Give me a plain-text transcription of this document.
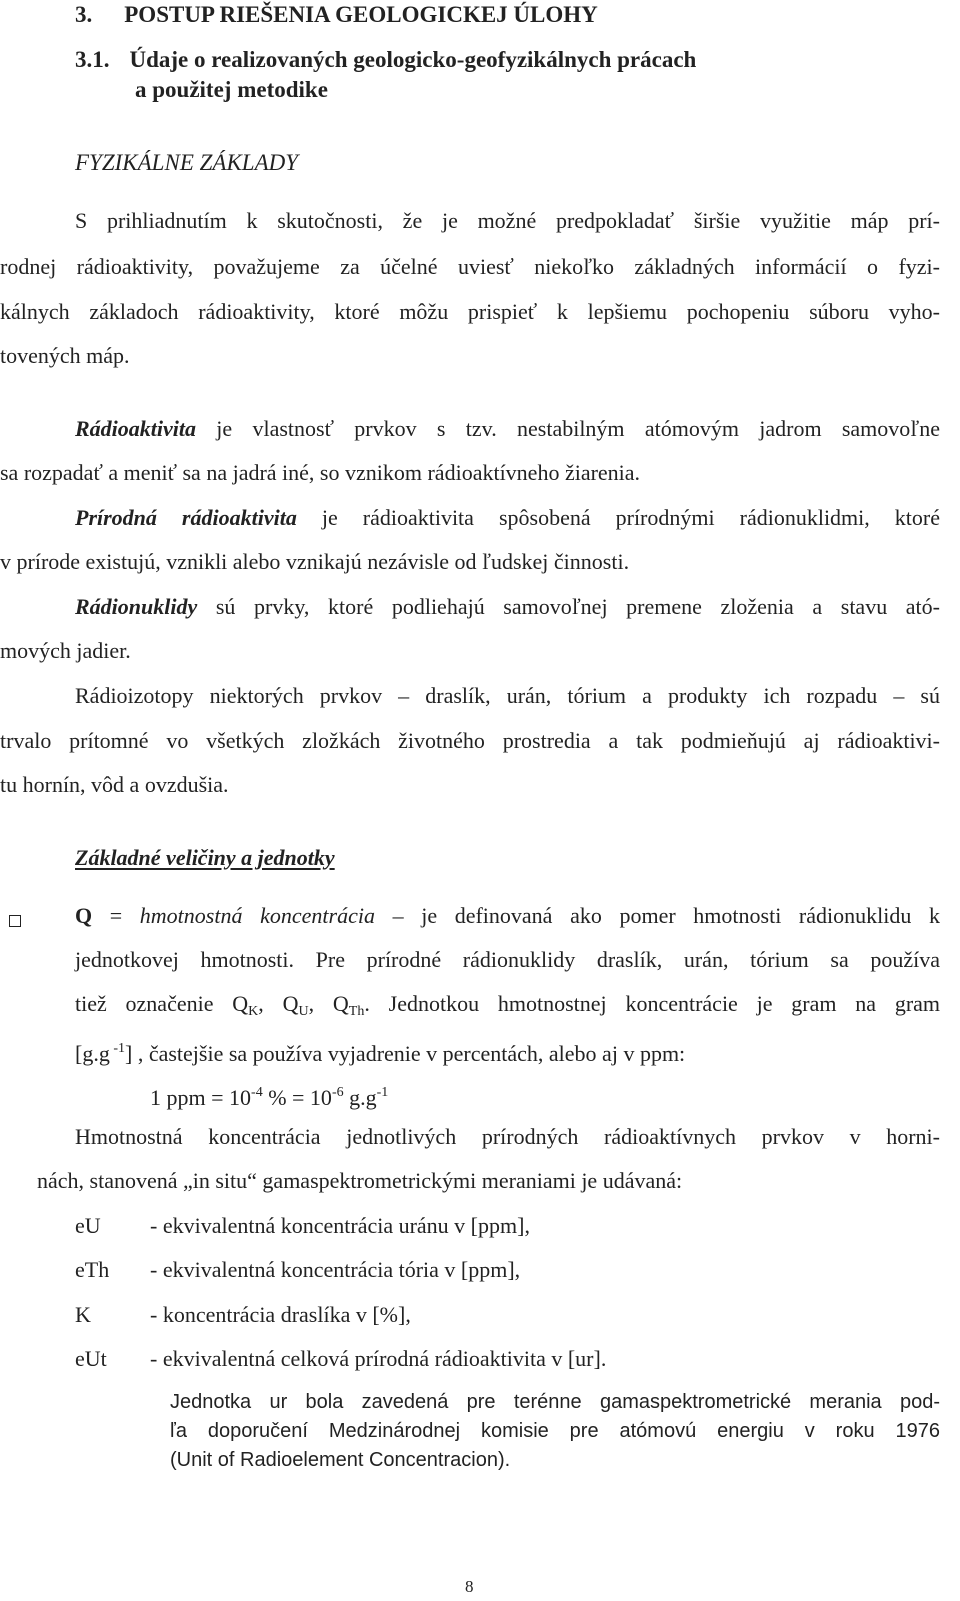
3. POSTUP RIEŠENIA GEOLOGICKEJ ÚLOHY
3.1. Údaje o realizovaných geologicko-geofyzikálnych prácach
a použitej metodike
FYZIKÁLNE ZÁKLADY
S prihliadnutím k skutočnosti, že je možné predpokladať širšie využitie máp prí-
rodnej rádioaktivity, považujeme za účelné uviesť niekoľko základných informácií o fyzi-
kálnych základoch rádioaktivity, ktoré môžu prispieť k lepšiemu pochopeniu súboru vyho-
tovených máp.
Rádioaktivita je vlastnosť prvkov s tzv. nestabilným atómovým jadrom samovoľne
sa rozpadať a meniť sa na jadrá iné, so vznikom rádioaktívneho žiarenia.
Prírodná rádioaktivita je rádioaktivita spôsobená prírodnými rádionuklidmi, ktoré
v prírode existujú, vznikli alebo vznikajú nezávisle od ľudskej činnosti.
Rádionuklidy sú prvky, ktoré podliehajú samovoľnej premene zloženia a stavu ató-
mových jadier.
Rádioizotopy niektorých prvkov – draslík, urán, tórium a produkty ich rozpadu – sú
trvalo prítomné vo všetkých zložkách životného prostredia a tak podmieňujú aj rádioaktivi-
tu hornín, vôd a ovzdušia.
Základné veličiny a jednotky
Q = hmotnostná koncentrácia – je definovaná ako pomer hmotnosti rádionuklidu k
jednotkovej hmotnosti. Pre prírodné rádionuklidy draslík, urán, tórium sa používa
tiež označenie $Q_K$, $Q_U$, $Q_{Th}$. Jednotkou hmotnostnej koncentrácie je gram na gram
[g.g $^{-1}$] , častejšie sa používa vyjadrenie v percentách, alebo aj v ppm:
1 ppm = $10^{-4}$ % = $10^{-6}$ $g.g^{-1}$
Hmotnostná koncentrácia jednotlivých prírodných rádioaktívnych prvkov v horni-
nách, stanovená „in situ“ gamaspektrometrickými meraniami je udávaná:
eU - ekvivalentná koncentrácia uránu v [ppm],
eTh - ekvivalentná koncentrácia tória v [ppm],
K	- koncentrácia draslíka v [%],
eUt - ekvivalentná celková prírodná rádioaktivita v [ur].
Jednotka ur bola zavedená pre terénne gamaspektrometrické merania pod-
ľa doporučení Medzinárodnej komisie pre atómovú energiu v roku 1976
(Unit of Radioelement Concentracion).
8
